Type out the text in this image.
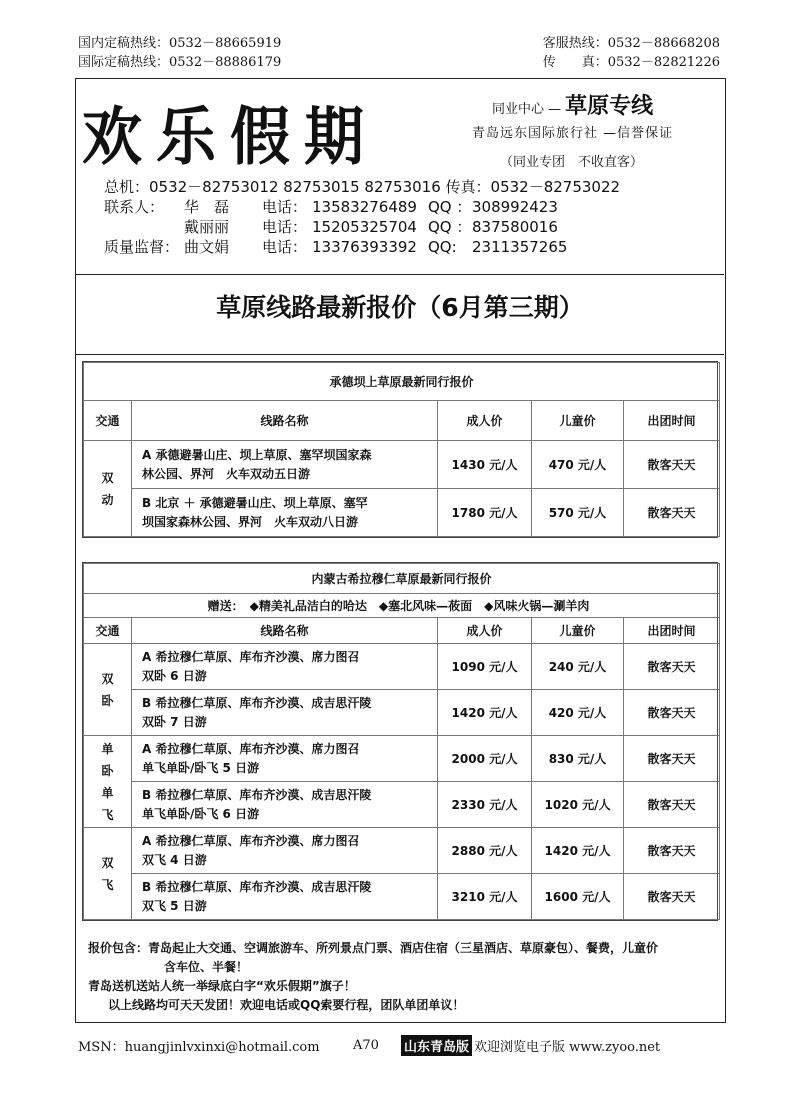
国内定稿热线：0532－88665919	客服热线：0532－88668208
国际定稿热线：0532－88886179	传　　真：0532－82821226
欢乐假期	同业中心 — 草原专线
青岛远东国际旅行社 —信誉保证
（同业专团　不收直客）
总机：0532－82753012 82753015 82753016 传真：0532－82753022
联系人： 华　磊 电话： 13583276489 QQ ：308992423
戴丽丽 电话： 15205325704 QQ ：837580016
质量监督： 曲文娟 电话： 13376393392 QQ:2311357265
草原线路最新报价（6月第三期）
承德坝上草原最新同行报价				
交通	线路名称	成人价	儿童价	出团时间
双
动	A 承德避暑山庄、坝上草原、塞罕坝国家森
林公园、界河　火车双动五日游	1430 元/人	470 元/人	散客天天
	B 北京 ＋ 承德避暑山庄、坝上草原、塞罕
坝国家森林公园、界河　火车双动八日游	1780 元/人	570 元/人	散客天天
内蒙古希拉穆仁草原最新同行报价				
赠送： ◆精美礼品洁白的哈达 ◆塞北风味—莜面 ◆风味火锅—涮羊肉				
交通	线路名称	成人价	儿童价	出团时间
双
卧	A 希拉穆仁草原、库布齐沙漠、席力图召
双卧 6 日游	1090 元/人	240 元/人	散客天天
	B 希拉穆仁草原、库布齐沙漠、成吉思汗陵
双卧 7 日游	1420 元/人	420 元/人	散客天天
单
卧
单
飞	A 希拉穆仁草原、库布齐沙漠、席力图召
单飞单卧/卧飞 5 日游	2000 元/人	830 元/人	散客天天
	B 希拉穆仁草原、库布齐沙漠、成吉思汗陵
单飞单卧/卧飞 6 日游	2330 元/人	1020 元/人	散客天天
双
飞	A 希拉穆仁草原、库布齐沙漠、席力图召
双飞 4 日游	2880 元/人	1420 元/人	散客天天
	B 希拉穆仁草原、库布齐沙漠、成吉思汗陵
双飞 5 日游	3210 元/人	1600 元/人	散客天天
报价包含：青岛起止大交通、空调旅游车、所列景点门票、酒店住宿（三星酒店、草原豪包）、餐费，儿童价
含车位、半餐！
青岛送机送站人统一举绿底白字“欢乐假期”旗子！
以上线路均可天天发团！欢迎电话或QQ索要行程，团队单团单议！
MSN：huangjinlvxinxi@hotmail.com	A70	山东青岛版 欢迎浏览电子版 www.zyoo.net
